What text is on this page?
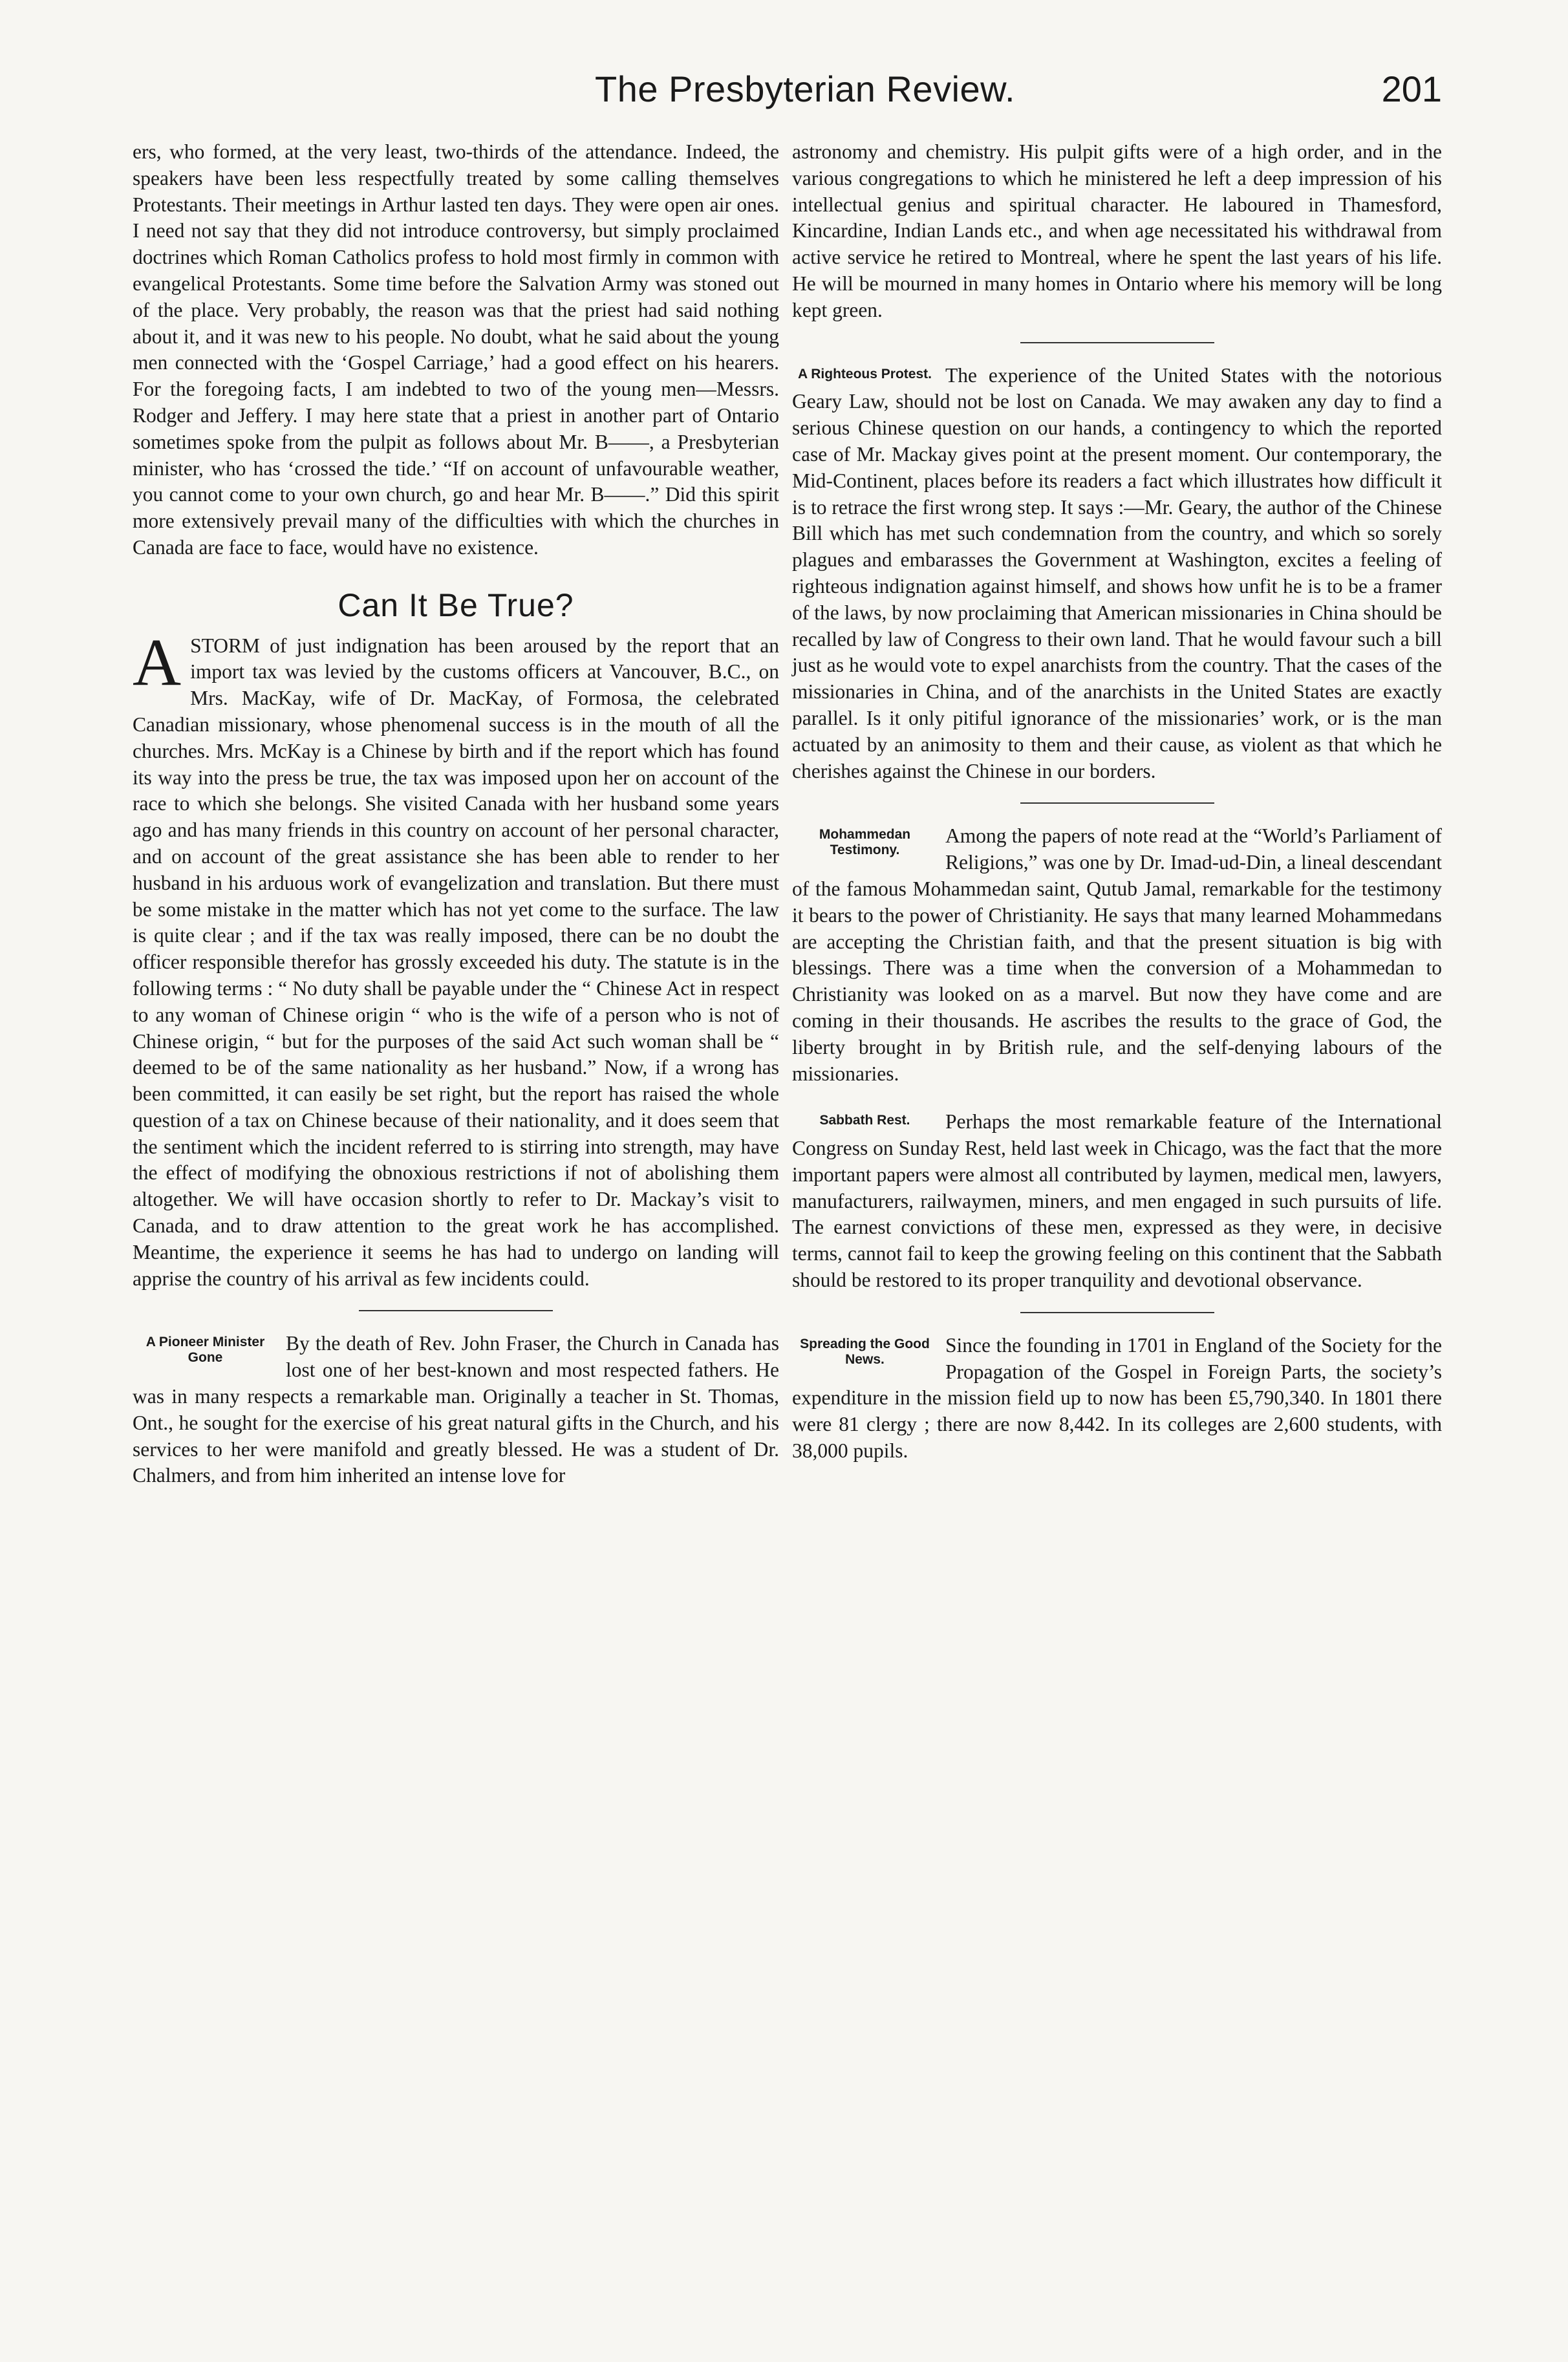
The Presbyterian Review.	201

ers, who formed, at the very least, two-thirds of the attendance. Indeed, the speakers have been less respectfully treated by some calling themselves Protestants. Their meetings in Arthur lasted ten days. They were open air ones. I need not say that they did not introduce controversy, but simply proclaimed doctrines which Roman Catholics profess to hold most firmly in common with evangelical Protestants. Some time before the Salvation Army was stoned out of the place. Very probably, the reason was that the priest had said nothing about it, and it was new to his people. No doubt, what he said about the young men connected with the ‘Gospel Carriage,’ had a good effect on his hearers. For the foregoing facts, I am indebted to two of the young men—Messrs. Rodger and Jeffery. I may here state that a priest in another part of Ontario sometimes spoke from the pulpit as follows about Mr. B——, a Presbyterian minister, who has ‘crossed the tide.’ “If on account of unfavourable weather, you cannot come to your own church, go and hear Mr. B——.” Did this spirit more extensively prevail many of the difficulties with which the churches in Canada are face to face, would have no existence.

Can It Be True?

ASTORM of just indignation has been aroused by the report that an import tax was levied by the customs officers at Vancouver, B.C., on Mrs. MacKay, wife of Dr. MacKay, of Formosa, the celebrated Canadian missionary, whose phenomenal success is in the mouth of all the churches. Mrs. McKay is a Chinese by birth and if the report which has found its way into the press be true, the tax was imposed upon her on account of the race to which she belongs. She visited Canada with her husband some years ago and has many friends in this country on account of her personal character, and on account of the great assistance she has been able to render to her husband in his arduous work of evangelization and translation. But there must be some mistake in the matter which has not yet come to the surface. The law is quite clear ; and if the tax was really imposed, there can be no doubt the officer responsible therefor has grossly exceeded his duty. The statute is in the following terms : “ No duty shall be payable under the “ Chinese Act in respect to any woman of Chinese origin “ who is the wife of a person who is not of Chinese origin, “ but for the purposes of the said Act such woman shall be “ deemed to be of the same nationality as her husband.” Now, if a wrong has been committed, it can easily be set right, but the report has raised the whole question of a tax on Chinese because of their nationality, and it does seem that the sentiment which the incident referred to is stirring into strength, may have the effect of modifying the obnoxious restrictions if not of abolishing them altogether. We will have occasion shortly to refer to Dr. Mackay’s visit to Canada, and to draw attention to the great work he has accomplished. Meantime, the experience it seems he has had to undergo on landing will apprise the country of his arrival as few incidents could.

A Pioneer Minister Gone
By the death of Rev. John Fraser, the Church in Canada has lost one of her best-known and most respected fathers. He was in many respects a remarkable man. Originally a teacher in St. Thomas, Ont., he sought for the exercise of his great natural gifts in the Church, and his services to her were manifold and greatly blessed. He was a student of Dr. Chalmers, and from him inherited an intense love for

astronomy and chemistry. His pulpit gifts were of a high order, and in the various congregations to which he ministered he left a deep impression of his intellectual genius and spiritual character. He laboured in Thamesford, Kincardine, Indian Lands etc., and when age necessitated his withdrawal from active service he retired to Montreal, where he spent the last years of his life. He will be mourned in many homes in Ontario where his memory will be long kept green.

A Righteous Protest. The experience of the United States with the notorious Geary Law, should not be lost on Canada. We may awaken any day to find a serious Chinese question on our hands, a contingency to which the reported case of Mr. Mackay gives point at the present moment. Our contemporary, the Mid-Continent, places before its readers a fact which illustrates how difficult it is to retrace the first wrong step. It says :—Mr. Geary, the author of the Chinese Bill which has met such condemnation from the country, and which so sorely plagues and embarasses the Government at Washington, excites a feeling of righteous indignation against himself, and shows how unfit he is to be a framer of the laws, by now proclaiming that American missionaries in China should be recalled by law of Congress to their own land. That he would favour such a bill just as he would vote to expel anarchists from the country. That the cases of the missionaries in China, and of the anarchists in the United States are exactly parallel. Is it only pitiful ignorance of the missionaries’ work, or is the man actuated by an animosity to them and their cause, as violent as that which he cherishes against the Chinese in our borders.

Mohammedan Testimony.
Among the papers of note read at the “World’s Parliament of Religions,” was one by Dr. Imad-ud-Din, a lineal descendant of the famous Mohammedan saint, Qutub Jamal, remarkable for the testimony it bears to the power of Christianity. He says that many learned Mohammedans are accepting the Christian faith, and that the present situation is big with blessings. There was a time when the conversion of a Mohammedan to Christianity was looked on as a marvel. But now they have come and are coming in their thousands. He ascribes the results to the grace of God, the liberty brought in by British rule, and the self-denying labours of the missionaries.

Sabbath Rest.	Perhaps the most remarkable feature of the International Congress on Sunday Rest, held last week in Chicago, was the fact that the more important papers were almost all contributed by laymen, medical men, lawyers, manufacturers, railwaymen, miners, and men engaged in such pursuits of life. The earnest convictions of these men, expressed as they were, in decisive terms, cannot fail to keep the growing feeling on this continent that the Sabbath should be restored to its proper tranquility and devotional observance.

Spreading the Good News.
Since the founding in 1701 in England of the Society for the Propagation of the Gospel in Foreign Parts, the society’s expenditure in the mission field up to now has been £5,790,340. In 1801 there were 81 clergy ; there are now 8,442. In its colleges are 2,600 students, with 38,000 pupils.
